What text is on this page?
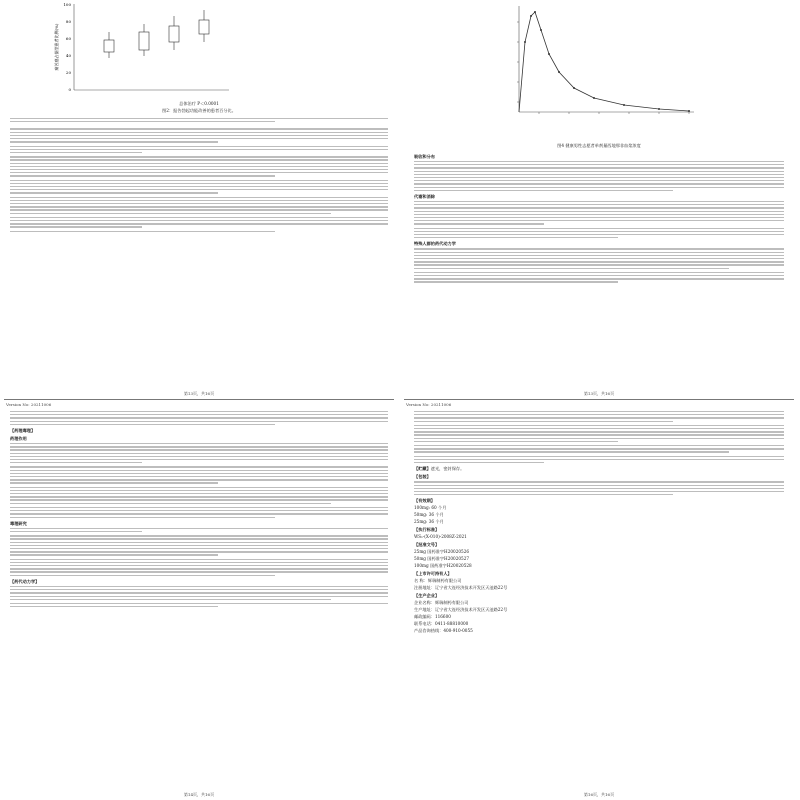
100
80
60
40
20
0
痛苦感占据型患者比例(%)
总体治疗 P＜0.0001
图2：报告勃起功能改善的患者百分比。
第13页，共16页
图4 健康男性志愿者单剂量西地那非血浆浓度
吸收和分布
代谢和消除
特殊人群的药代动力学
第13页，共16页
Version No: 20211006
【药理毒理】
药理作用
毒理研究
【药代动力学】
第14页，共16页
Version No: 20211006
【贮藏】遮光，密封保存。
【包装】
【有效期】
100mg: 60 个月
50mg: 36 个月
25mg: 36 个月
【执行标准】
WS₁-(X-010)-2008Z-2021
【批准文号】
25mg 国药准字H20020526
50mg 国药准字H20020527
100mg 国药准字H20020528
【上市许可持有人】
名 称：辉瑞制药有限公司
注册地址：辽宁省大连经济技术开发区天池路22号
【生产企业】
企业名称：辉瑞制药有限公司
生产地址：辽宁省大连经济技术开发区天池路22号
邮政编码：116600
联系电话：0411-88810000
产品咨询热线：400-910-0055
第16页，共16页
